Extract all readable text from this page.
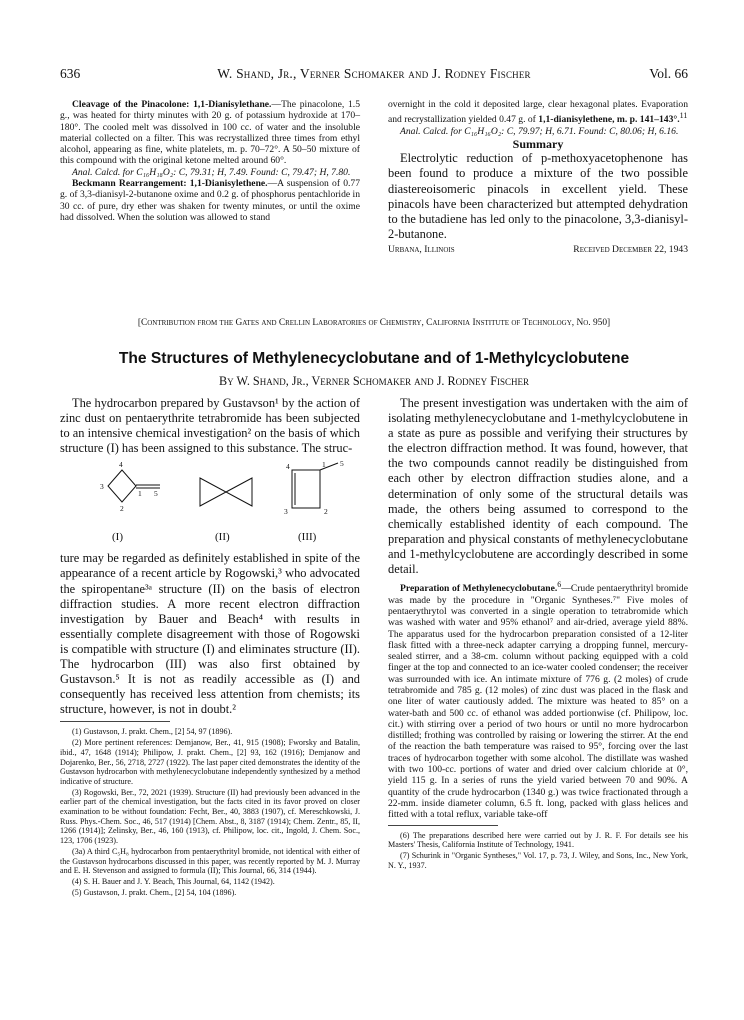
636	W. Shand, Jr., Verner Schomaker and J. Rodney Fischer	Vol. 66

Cleavage of the Pinacolone: 1,1-Dianisylethane.—The pinacolone, 1.5 g., was heated for thirty minutes with 20 g. of potassium hydroxide at 170–180°. The cooled melt was dissolved in 100 cc. of water and the insoluble material collected on a filter. This was recrystallized three times from ethyl alcohol, appearing as fine, white platelets, m. p. 70–72°. A 50–50 mixture of this compound with the original ketone melted around 60°.

Anal. Calcd. for C₁₆H₁₈O₂: C, 79.31; H, 7.49. Found: C, 79.47; H, 7.80.

Beckmann Rearrangement: 1,1-Dianisylethene.—A suspension of 0.77 g. of 3,3-dianisyl-2-butanone oxime and 0.2 g. of phosphorus pentachloride in 30 cc. of pure, dry ether was shaken for twenty minutes, or until the oxime had dissolved. When the solution was allowed to stand

overnight in the cold it deposited large, clear hexagonal plates. Evaporation and recrystallization yielded 0.47 g. of 1,1-dianisylethene, m. p. 141–143°.$^{11}$

Anal. Calcd. for C₁₆H₁₆O₂: C, 79.97; H, 6.71. Found: C, 80.06; H, 6.16.

Summary

Electrolytic reduction of p-methoxyacetophenone has been found to produce a mixture of the two possible diastereoisomeric pinacols in excellent yield. These pinacols have been characterized but attempted dehydration to the butadiene has led only to the pinacolone, 3,3-dianisyl-2-butanone.

Urbana, Illinois	Received December 22, 1943
[Contribution from the Gates and Crellin Laboratories of Chemistry, California Institute of Technology, No. 950]
The Structures of Methylenecyclobutane and of 1-Methylcyclobutene
By W. Shand, Jr., Verner Schomaker and J. Rodney Fischer

The hydrocarbon prepared by Gustavson¹ by the action of zinc dust on pentaerythrite tetrabromide has been subjected to an intensive chemical investigation² on the basis of which structure (I) has been assigned to this substance. The struc-

4
3
1 5
2
4	5
3	2
1
(I)	(II)	(III)

ture may be regarded as definitely established in spite of the appearance of a recent article by Rogowski,³ who advocated the spiropentane³ᵃ structure (II) on the basis of electron diffraction studies. A more recent electron diffraction investigation by Bauer and Beach⁴ with results in essentially complete disagreement with those of Rogowski is compatible with structure (I) and eliminates structure (II). The hydrocarbon (III) was also first obtained by Gustavson.⁵ It is not as readily accessible as (I) and consequently has received less attention from chemists; its structure, however, is not in doubt.²

(1) Gustavson, J. prakt. Chem., [2] 54, 97 (1896).

(2) More pertinent references: Demjanow, Ber., 41, 915 (1908); Fworsky and Batalin, ibid., 47, 1648 (1914); Philipow, J. prakt. Chem., [2] 93, 162 (1916); Demjanow and Dojarenko, Ber., 56, 2718, 2727 (1922). The last paper cited demonstrates the identity of the Gustavson hydrocarbon with methylenecyclobutane independently synthesized by a method indicative of structure.

(3) Rogowski, Ber., 72, 2021 (1939). Structure (II) had previously been advanced in the earlier part of the chemical investigation, but the facts cited in its favor proved on closer examination to be without foundation: Fecht, Ber., 40, 3883 (1907), cf. Mereschkowski, J. Russ. Phys.-Chem. Soc., 46, 517 (1914) [Chem. Abst., 8, 3187 (1914); Chem. Zentr., 85, II, 1266 (1914)]; Zelinsky, Ber., 46, 160 (1913), cf. Philipow, loc. cit., Ingold, J. Chem. Soc., 123, 1706 (1923).

(3a) A third C₅H₈ hydrocarbon from pentaerythrityl bromide, not identical with either of the Gustavson hydrocarbons discussed in this paper, was recently reported by M. J. Murray and E. H. Stevenson and assigned to formula (II); This Journal, 66, 314 (1944).

(4) S. H. Bauer and J. Y. Beach, This Journal, 64, 1142 (1942).

(5) Gustavson, J. prakt. Chem., [2] 54, 104 (1896).

The present investigation was undertaken with the aim of isolating methylenecyclobutane and 1-methylcyclobutene in a state as pure as possible and verifying their structures by the electron diffraction method. It was found, however, that the two compounds cannot readily be distinguished from each other by electron diffraction studies alone, and a determination of only some of the structural details was made, the others being assumed to correspond to the chemically established identity of each compound. The preparation and physical constants of methylenecyclobutane and 1-methylcyclobutene are accordingly described in some detail.

Preparation of Methylenecyclobutane.$^6$—Crude pentaerythrityl bromide was made by the procedure in "Organic Syntheses.⁷" Five moles of pentaerythrytol was converted in a single operation to tetrabromide which was washed with water and 95% ethanol⁷ and air-dried, average yield 88%. The apparatus used for the hydrocarbon preparation consisted of a 12-liter flask fitted with a three-neck adapter carrying a dropping funnel, mercury-sealed stirrer, and a 38-cm. column without packing equipped with a cold finger at the top and connected to an ice-water cooled condenser; the receiver was surrounded with ice. An intimate mixture of 776 g. (2 moles) of crude tetrabromide and 785 g. (12 moles) of zinc dust was placed in the flask and one liter of water cautiously added. The mixture was heated to 85° on a water-bath and 500 cc. of ethanol was added portionwise (cf. Philipow, loc. cit.) with stirring over a period of two hours or until no more hydrocarbon distilled; frothing was controlled by raising or lowering the stirrer. At the end of the reaction the bath temperature was raised to 95°, forcing over the last traces of hydrocarbon together with some alcohol. The distillate was washed with two 100-cc. portions of water and dried over calcium chloride at 0°, yield 115 g. In a series of runs the yield varied between 70 and 90%. A quantity of the crude hydrocarbon (1340 g.) was twice fractionated through a 22-mm. inside diameter column, 6.5 ft. long, packed with glass helices and fitted with a total reflux, variable take-off

(6) The preparations described here were carried out by J. R. F. For details see his Masters' Thesis, California Institute of Technology, 1941.

(7) Schurink in "Organic Syntheses," Vol. 17, p. 73, J. Wiley, and Sons, Inc., New York, N. Y., 1937.
